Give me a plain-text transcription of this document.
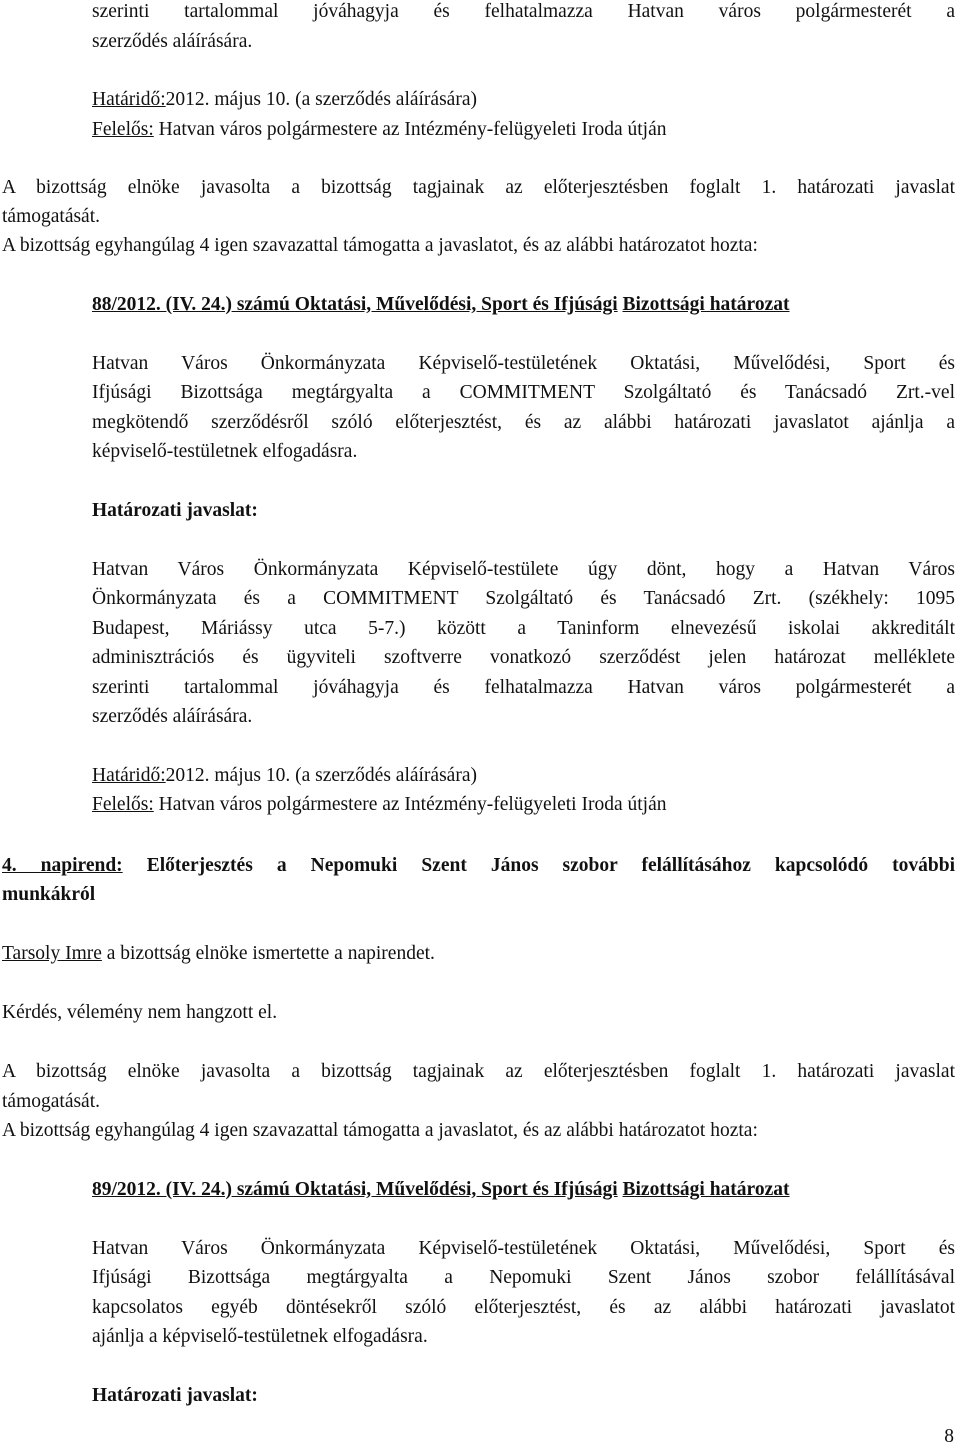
szerinti tartalommal jóváhagyja és felhatalmazza Hatvan város polgármesterét a
szerződés aláírására.
Határidő:2012. május 10. (a szerződés aláírására)
Felelős: Hatvan város polgármestere az Intézmény-felügyeleti Iroda útján
A bizottság elnöke javasolta a bizottság tagjainak az előterjesztésben foglalt 1. határozati javaslat
támogatását.
A bizottság egyhangúlag 4 igen szavazattal támogatta a javaslatot, és az alábbi határozatot hozta:
88/2012. (IV. 24.) számú Oktatási, Művelődési, Sport és Ifjúsági Bizottsági határozat
Hatvan Város Önkormányzata Képviselő-testületének Oktatási, Művelődési, Sport és
Ifjúsági Bizottsága megtárgyalta a COMMITMENT Szolgáltató és Tanácsadó Zrt.-vel
megkötendő szerződésről szóló előterjesztést, és az alábbi határozati javaslatot ajánlja a
képviselő-testületnek elfogadásra.
Határozati javaslat:
Hatvan Város Önkormányzata Képviselő-testülete úgy dönt, hogy a Hatvan Város
Önkormányzata és a COMMITMENT Szolgáltató és Tanácsadó Zrt. (székhely: 1095
Budapest, Máriássy utca 5-7.) között a Taninform elnevezésű iskolai akkreditált
adminisztrációs és ügyviteli szoftverre vonatkozó szerződést jelen határozat melléklete
szerinti tartalommal jóváhagyja és felhatalmazza Hatvan város polgármesterét a
szerződés aláírására.
Határidő:2012. május 10. (a szerződés aláírására)
Felelős: Hatvan város polgármestere az Intézmény-felügyeleti Iroda útján
4. napirend: Előterjesztés a Nepomuki Szent János szobor felállításához kapcsolódó további
munkákról
Tarsoly Imre a bizottság elnöke ismertette a napirendet.
Kérdés, vélemény nem hangzott el.
A bizottság elnöke javasolta a bizottság tagjainak az előterjesztésben foglalt 1. határozati javaslat
támogatását.
A bizottság egyhangúlag 4 igen szavazattal támogatta a javaslatot, és az alábbi határozatot hozta:
89/2012. (IV. 24.) számú Oktatási, Művelődési, Sport és Ifjúsági Bizottsági határozat
Hatvan Város Önkormányzata Képviselő-testületének Oktatási, Művelődési, Sport és
Ifjúsági Bizottsága megtárgyalta a Nepomuki Szent János szobor felállításával
kapcsolatos egyéb döntésekről szóló előterjesztést, és az alábbi határozati javaslatot
ajánlja a képviselő-testületnek elfogadásra.
Határozati javaslat:
8
